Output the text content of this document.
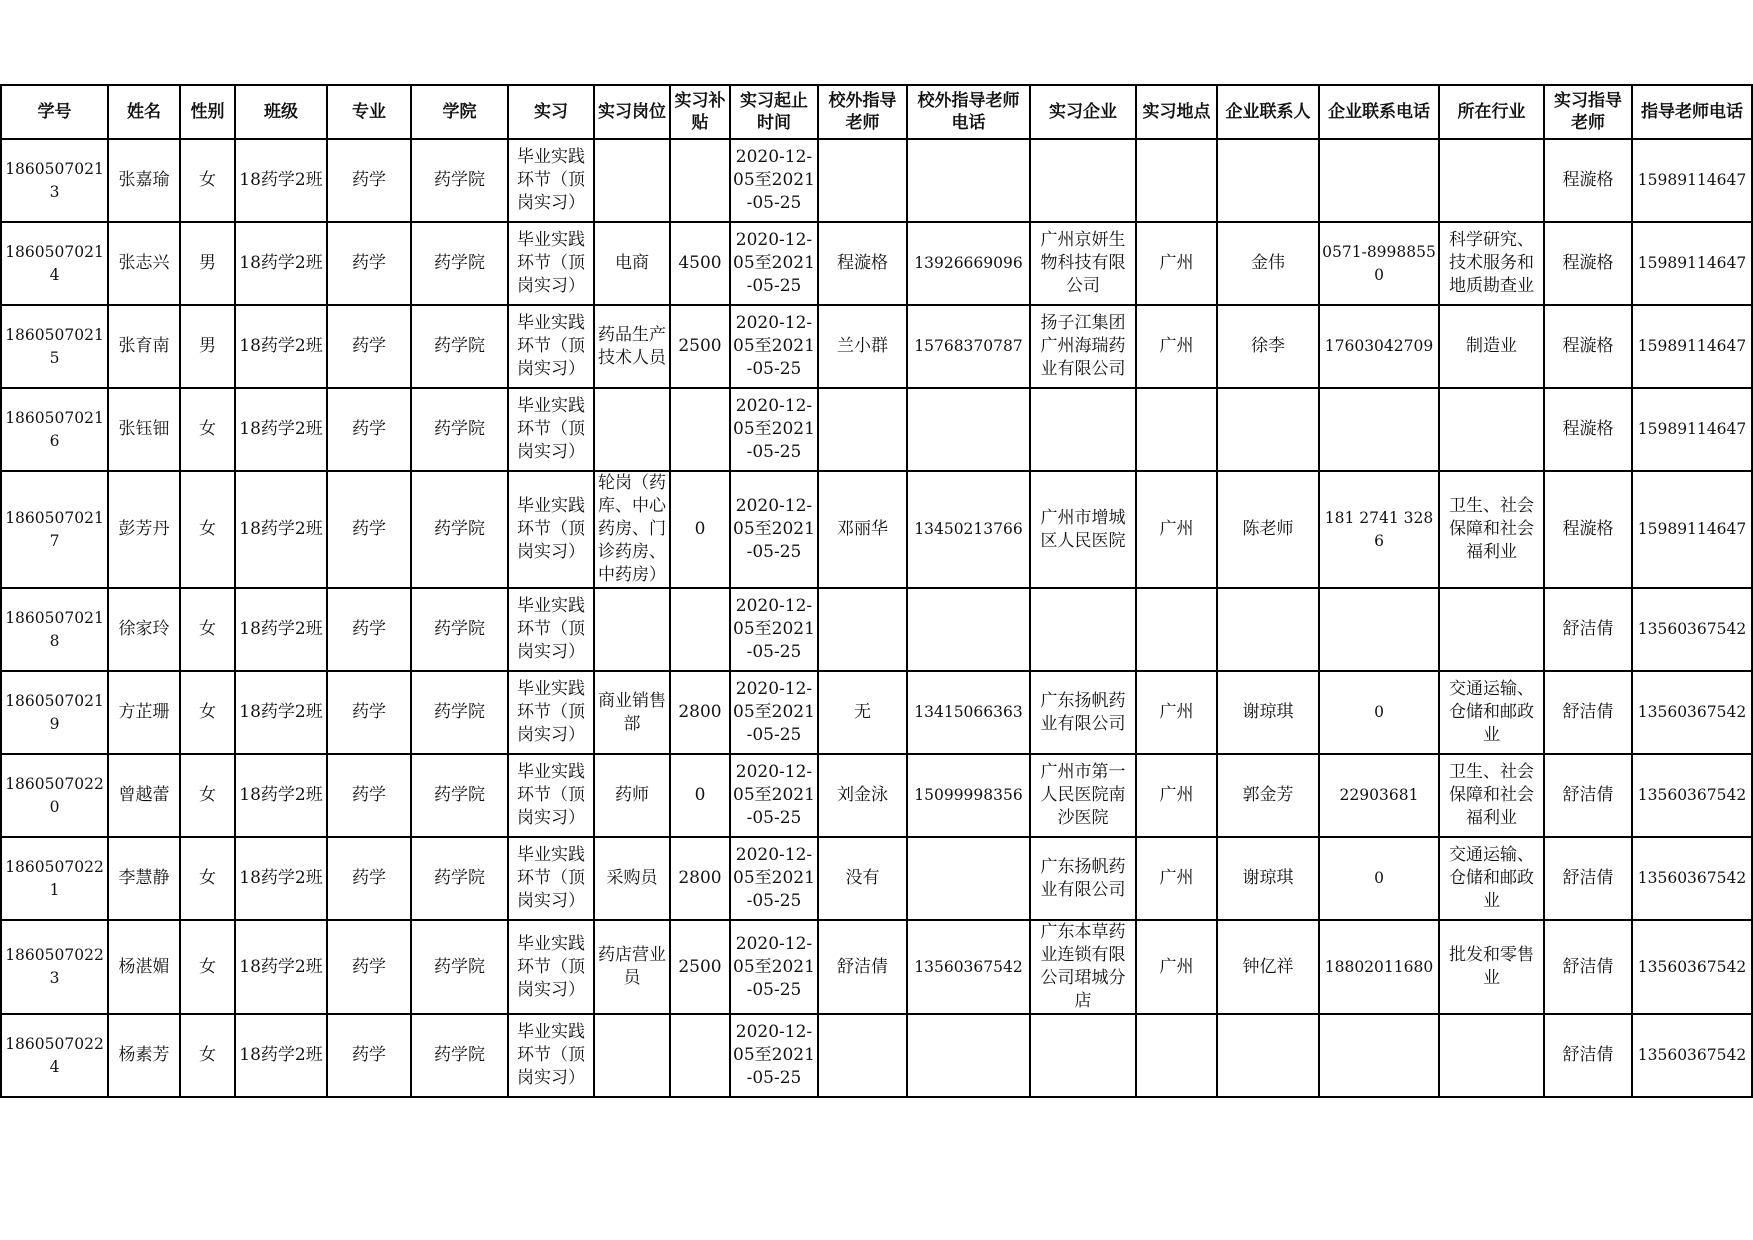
学号	姓名	性别	班级	专业	学院	实习	实习岗位	实习补贴	实习起止时间	校外指导老师	校外指导老师电话	实习企业	实习地点	企业联系人	企业联系电话	所在行业	实习指导老师	指导老师电话
18605070213	张嘉瑜	女	18药学2班	药学	药学院	毕业实践环节（顶岗实习）			2020-12-05至2021-05-25								程漩格	15989114647
18605070214	张志兴	男	18药学2班	药学	药学院	毕业实践环节（顶岗实习）	电商	4500	2020-12-05至2021-05-25	程漩格	13926669096	广州京妍生物科技有限公司	广州	金伟	0571-89988550	科学研究、技术服务和地质勘查业	程漩格	15989114647
18605070215	张育南	男	18药学2班	药学	药学院	毕业实践环节（顶岗实习）	药品生产技术人员	2500	2020-12-05至2021-05-25	兰小群	15768370787	扬子江集团广州海瑞药业有限公司	广州	徐李	17603042709	制造业	程漩格	15989114647
18605070216	张钰钿	女	18药学2班	药学	药学院	毕业实践环节（顶岗实习）			2020-12-05至2021-05-25								程漩格	15989114647
18605070217	彭芳丹	女	18药学2班	药学	药学院	毕业实践环节（顶岗实习）	轮岗（药库、中心药房、门诊药房、中药房）	0	2020-12-05至2021-05-25	邓丽华	13450213766	广州市增城区人民医院	广州	陈老师	181 2741 3286	卫生、社会保障和社会福利业	程漩格	15989114647
18605070218	徐家玲	女	18药学2班	药学	药学院	毕业实践环节（顶岗实习）			2020-12-05至2021-05-25								舒洁倩	13560367542
18605070219	方芷珊	女	18药学2班	药学	药学院	毕业实践环节（顶岗实习）	商业销售部	2800	2020-12-05至2021-05-25	无	13415066363	广东扬帆药业有限公司	广州	谢琼琪	0	交通运输、仓储和邮政业	舒洁倩	13560367542
18605070220	曾越蕾	女	18药学2班	药学	药学院	毕业实践环节（顶岗实习）	药师	0	2020-12-05至2021-05-25	刘金泳	15099998356	广州市第一人民医院南沙医院	广州	郭金芳	22903681	卫生、社会保障和社会福利业	舒洁倩	13560367542
18605070221	李慧静	女	18药学2班	药学	药学院	毕业实践环节（顶岗实习）	采购员	2800	2020-12-05至2021-05-25	没有		广东扬帆药业有限公司	广州	谢琼琪	0	交通运输、仓储和邮政业	舒洁倩	13560367542
18605070223	杨湛媚	女	18药学2班	药学	药学院	毕业实践环节（顶岗实习）	药店营业员	2500	2020-12-05至2021-05-25	舒洁倩	13560367542	广东本草药业连锁有限公司珺城分店	广州	钟亿祥	18802011680	批发和零售业	舒洁倩	13560367542
18605070224	杨素芳	女	18药学2班	药学	药学院	毕业实践环节（顶岗实习）			2020-12-05至2021-05-25								舒洁倩	13560367542
